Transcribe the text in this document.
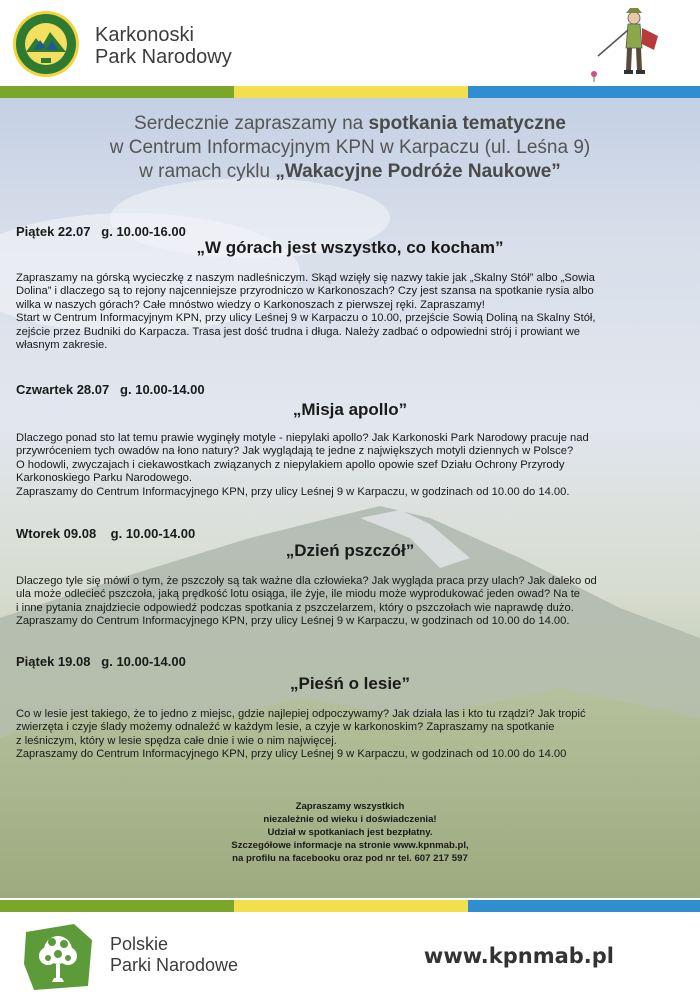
Karkonoski
Park Narodowy
Serdecznie zapraszamy na spotkania tematyczne
w Centrum Informacyjnym KPN w Karpaczu (ul. Leśna 9)
w ramach cyklu „Wakacyjne Podróże Naukowe”
Piątek 22.07   g. 10.00-16.00
„W górach jest wszystko, co kocham”

Zapraszamy na górską wycieczkę z naszym nadleśniczym. Skąd wzięły się nazwy takie jak „Skalny Stół” albo „Sowia

Dolina” i dlaczego są to rejony najcenniejsze przyrodniczo w Karkonoszach? Czy jest szansa na spotkanie rysia albo

wilka w naszych górach? Całe mnóstwo wiedzy o Karkonoszach z pierwszej ręki. Zapraszamy!

Start w Centrum Informacyjnym KPN, przy ulicy Leśnej 9 w Karpaczu o 10.00, przejście Sowią Doliną na Skalny Stół,

zejście przez Budniki do Karpacza. Trasa jest dość trudna i długa. Należy zadbać o odpowiedni strój i prowiant we

własnym zakresie.

Czwartek 28.07   g. 10.00-14.00
„Misja apollo”

Dlaczego ponad sto lat temu prawie wyginęły motyle - niepylaki apollo? Jak Karkonoski Park Narodowy pracuje nad

przywróceniem tych owadów na łono natury? Jak wyglądają te jedne z największych motyli dziennych w Polsce?

O hodowli, zwyczajach i ciekawostkach związanych z niepylakiem apollo opowie szef Działu Ochrony Przyrody

Karkonoskiego Parku Narodowego.

Zapraszamy do Centrum Informacyjnego KPN, przy ulicy Leśnej 9 w Karpaczu, w godzinach od 10.00 do 14.00.

Wtorek 09.08    g. 10.00-14.00
„Dzień pszczół”

Dlaczego tyle się mówi o tym, że pszczoły są tak ważne dla człowieka? Jak wygląda praca przy ulach? Jak daleko od

ula może odlecieć pszczoła, jaką prędkość lotu osiąga, ile żyje, ile miodu może wyprodukować jeden owad? Na te

i inne pytania znajdziecie odpowiedź podczas spotkania z pszczelarzem, który o pszczołach wie naprawdę dużo.

Zapraszamy do Centrum Informacyjnego KPN, przy ulicy Leśnej 9 w Karpaczu, w godzinach od 10.00 do 14.00.

Piątek 19.08   g. 10.00-14.00
„Pieśń o lesie”

Co w lesie jest takiego, że to jedno z miejsc, gdzie najlepiej odpoczywamy? Jak działa las i kto tu rządzi? Jak tropić

zwierzęta i czyje ślady możemy odnaleźć w każdym lesie, a czyje w karkonoskim? Zapraszamy na spotkanie

z leśniczym, który w lesie spędza całe dnie i wie o nim najwięcej.

Zapraszamy do Centrum Informacyjnego KPN, przy ulicy Leśnej 9 w Karpaczu, w godzinach od 10.00 do 14.00

Zapraszamy wszystkich
niezależnie od wieku i doświadczenia!
Udział w spotkaniach jest bezpłatny.
Szczegółowe informacje na stronie www.kpnmab.pl,
na profilu na facebooku oraz pod nr tel. 607 217 597
Polskie
Parki Narodowe	www.kpnmab.pl
